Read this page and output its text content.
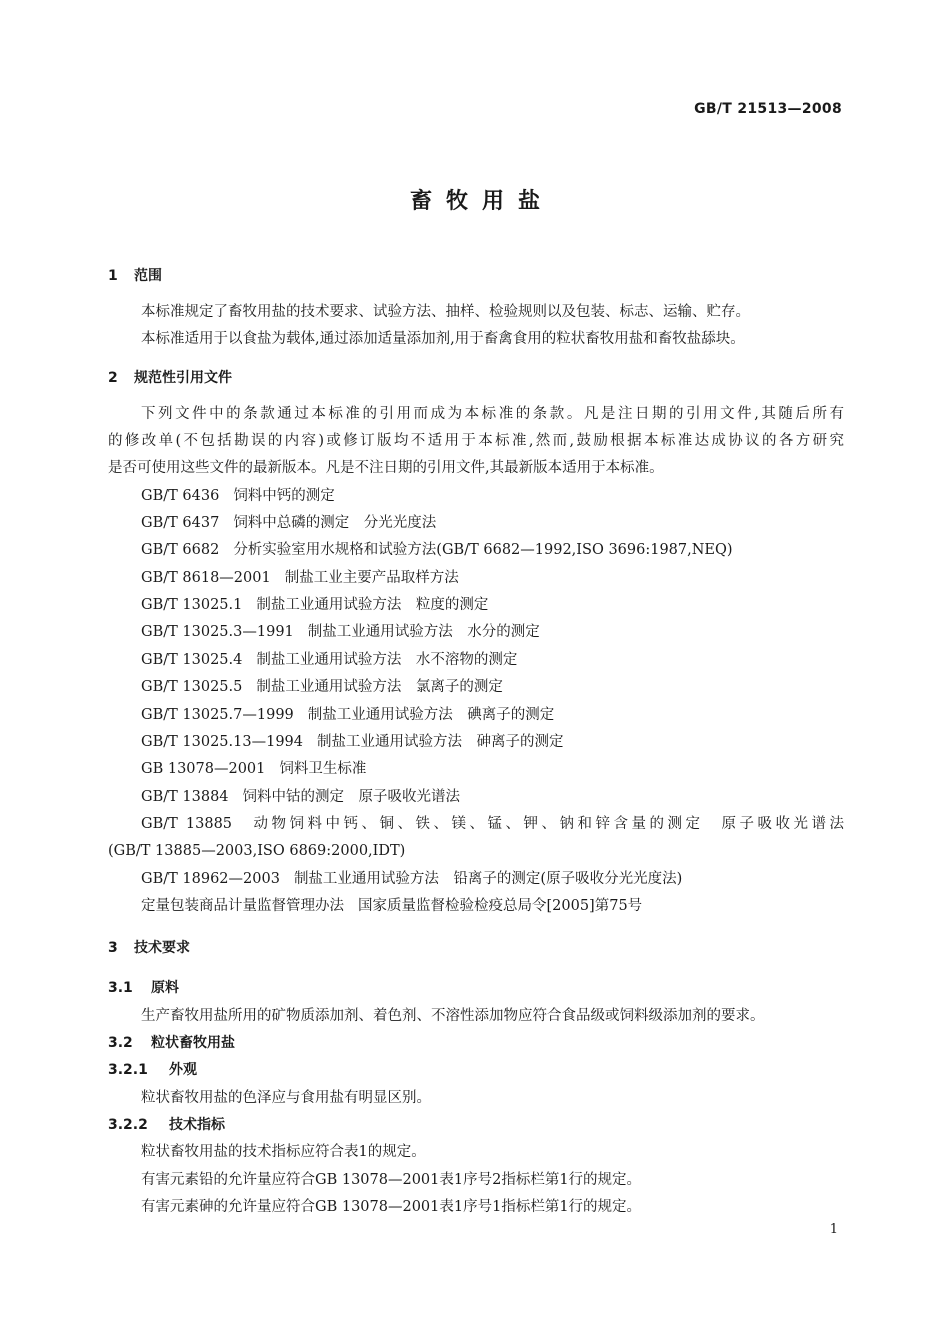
GB/T 21513—2008
畜牧用盐
1 范围
本标准规定了畜牧用盐的技术要求、试验方法、抽样、检验规则以及包装、标志、运输、贮存。
本标准适用于以食盐为载体,通过添加适量添加剂,用于畜禽食用的粒状畜牧用盐和畜牧盐舔块。
2 规范性引用文件
下列文件中的条款通过本标准的引用而成为本标准的条款。凡是注日期的引用文件,其随后所有
的修改单(不包括勘误的内容)或修订版均不适用于本标准,然而,鼓励根据本标准达成协议的各方研究
是否可使用这些文件的最新版本。凡是不注日期的引用文件,其最新版本适用于本标准。
GB/T 6436 饲料中钙的测定
GB/T 6437 饲料中总磷的测定　分光光度法
GB/T 6682 分析实验室用水规格和试验方法(GB/T 6682—1992,ISO 3696:1987,NEQ)
GB/T 8618—2001 制盐工业主要产品取样方法
GB/T 13025.1 制盐工业通用试验方法　粒度的测定
GB/T 13025.3—1991 制盐工业通用试验方法　水分的测定
GB/T 13025.4 制盐工业通用试验方法　水不溶物的测定
GB/T 13025.5 制盐工业通用试验方法　氯离子的测定
GB/T 13025.7—1999 制盐工业通用试验方法　碘离子的测定
GB/T 13025.13—1994 制盐工业通用试验方法　砷离子的测定
GB 13078—2001 饲料卫生标准
GB/T 13884 饲料中钴的测定　原子吸收光谱法
GB/T 13885　动物饲料中钙、铜、铁、镁、锰、钾、钠和锌含量的测定　原子吸收光谱法
(GB/T 13885—2003,ISO 6869:2000,IDT)
GB/T 18962—2003 制盐工业通用试验方法　铅离子的测定(原子吸收分光光度法)
定量包装商品计量监督管理办法 国家质量监督检验检疫总局令[2005]第75号
3 技术要求
3.1 原料
生产畜牧用盐所用的矿物质添加剂、着色剂、不溶性添加物应符合食品级或饲料级添加剂的要求。
3.2 粒状畜牧用盐
3.2.1 外观
粒状畜牧用盐的色泽应与食用盐有明显区别。
3.2.2 技术指标
粒状畜牧用盐的技术指标应符合表1的规定。
有害元素铅的允许量应符合GB 13078—2001表1序号2指标栏第1行的规定。
有害元素砷的允许量应符合GB 13078—2001表1序号1指标栏第1行的规定。
1
